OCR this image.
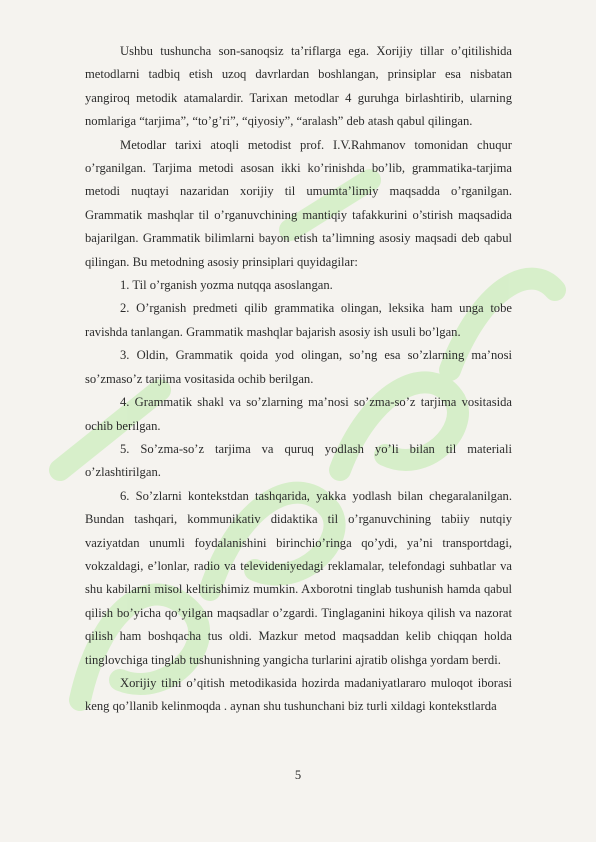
Ushbu tushuncha son-sanoqsiz ta’riflarga ega. Xorijiy tillar o’qitilishida metodlarni tadbiq etish uzoq davrlardan boshlangan, prinsiplar esa nisbatan yangiroq metodik atamalardir. Tarixan metodlar 4 guruhga birlashtirib, ularning nomlariga “tarjima”, “to’g’ri”, “qiyosiy”, “aralash” deb atash qabul qilingan.

Metodlar tarixi atoqli metodist prof. I.V.Rahmanov tomonidan chuqur o’rganilgan. Tarjima metodi asosan ikki ko’rinishda bo’lib, grammatika-tarjima metodi nuqtayi nazaridan xorijiy til umumta’limiy maqsadda o’rganilgan. Grammatik mashqlar til o’rganuvchining mantiqiy tafakkurini o’stirish maqsadida bajarilgan. Grammatik bilimlarni bayon etish ta’limning asosiy maqsadi deb qabul qilingan. Bu metodning asosiy prinsiplari quyidagilar:

1. Til o’rganish yozma nutqqa asoslangan.

2. O’rganish predmeti qilib grammatika olingan, leksika ham unga tobe ravishda tanlangan. Grammatik mashqlar bajarish asosiy ish usuli bo’lgan.

3. Oldin, Grammatik qoida yod olingan, so’ng esa so’zlarning ma’nosi so’zmaso’z tarjima vositasida ochib berilgan.

4. Grammatik shakl va so’zlarning ma’nosi so’zma-so’z tarjima vositasida ochib berilgan.

5. So’zma-so’z tarjima va quruq yodlash yo’li bilan til materiali o’zlashtirilgan.

6. So’zlarni kontekstdan tashqarida, yakka yodlash bilan chegaralanilgan. Bundan tashqari, kommunikativ didaktika til o’rganuvchining tabiiy nutqiy vaziyatdan unumli foydalanishini birinchio’ringa qo’ydi, ya’ni transportdagi, vokzaldagi, e’lonlar, radio va televideniyedagi reklamalar, telefondagi suhbatlar va shu kabilarni misol keltirishimiz mumkin. Axborotni tinglab tushunish hamda qabul qilish bo’yicha qo’yilgan maqsadlar o’zgardi. Tinglaganini hikoya qilish va nazorat qilish ham boshqacha tus oldi. Mazkur metod maqsaddan kelib chiqqan holda tinglovchiga tinglab tushunishning yangicha turlarini ajratib olishga yordam berdi.

Xorijiy tilni o’qitish metodikasida hozirda madaniyatlararo muloqot iborasi keng qo’llanib kelinmoqda . aynan shu tushunchani biz turli xildagi kontekstlarda

5
